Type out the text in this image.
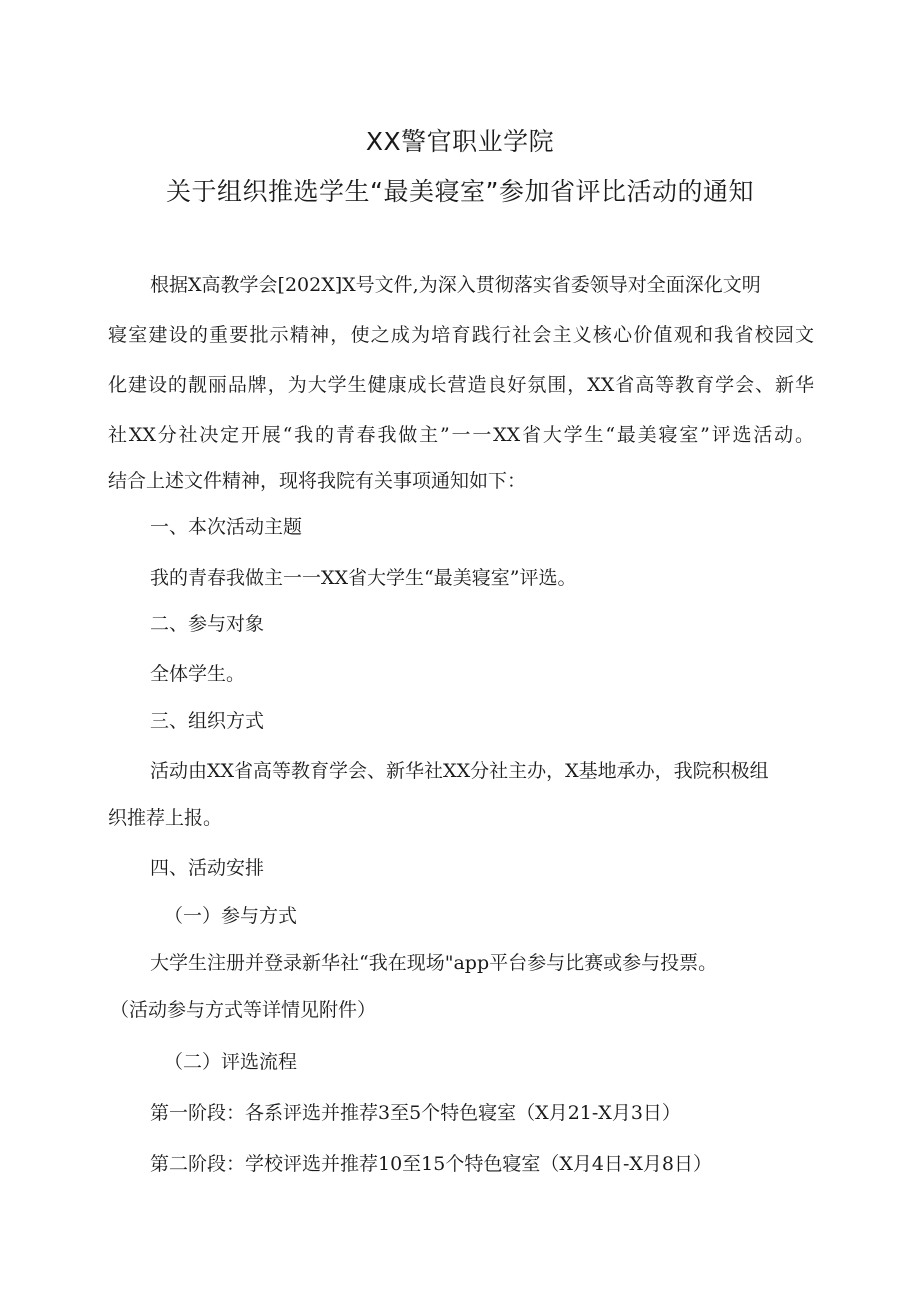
XX警官职业学院
关于组织推选学生“最美寝室”参加省评比活动的通知

根据X高教学会[202X]X号文件,为深入贯彻落实省委领导对全面深化文明

寝室建设的重要批示精神，使之成为培育践行社会主义核心价值观和我省校园文

化建设的靓丽品牌，为大学生健康成长营造良好氛围，XX省高等教育学会、新华

社XX分社决定开展“我的青春我做主”一一XX省大学生“最美寝室”评选活动。

结合上述文件精神，现将我院有关事项通知如下：

一、本次活动主题

我的青春我做主一一XX省大学生“最美寝室”评选。

二、参与对象

全体学生。

三、组织方式

活动由XX省高等教育学会、新华社XX分社主办，X基地承办，我院积极组

织推荐上报。

四、活动安排

（一）参与方式

大学生注册并登录新华社“我在现场"app平台参与比赛或参与投票。

（活动参与方式等详情见附件）

（二）评选流程

第一阶段：各系评选并推荐3至5个特色寝室（X月21-X月3日）

第二阶段：学校评选并推荐10至15个特色寝室（X月4日-X月8日）
